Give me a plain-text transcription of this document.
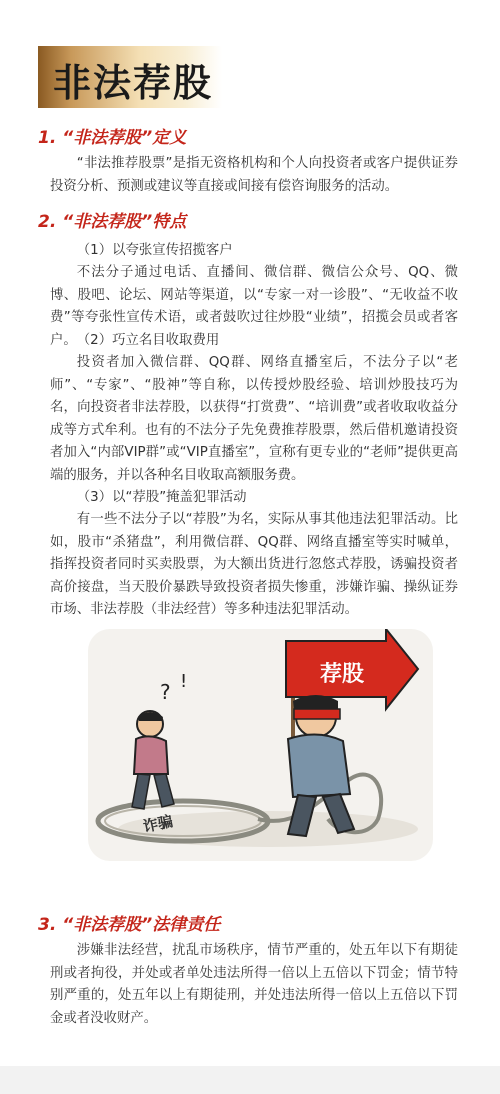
非法荐股
1. “非法荐股”定义

“非法推荐股票”是指无资格机构和个人向投资者或客户提供证券投资分析、预测或建议等直接或间接有偿咨询服务的活动。

2. “非法荐股”特点

（1）以夸张宣传招揽客户

不法分子通过电话、直播间、微信群、微信公众号、QQ、微博、股吧、论坛、网站等渠道，以“专家一对一诊股”、“无收益不收费”等夸张性宣传术语，或者鼓吹过往炒股“业绩”，招揽会员或者客户。 （2）巧立名目收取费用

投资者加入微信群、QQ群、网络直播室后，不法分子以“老师”、“专家”、“股神”等自称，以传授炒股经验、培训炒股技巧为名，向投资者非法荐股，以获得“打赏费”、“培训费”或者收取收益分成等方式牟利。也有的不法分子先免费推荐股票，然后借机邀请投资者加入“内部VIP群”或“VIP直播室”，宣称有更专业的“老师”提供更高端的服务，并以各种名目收取高额服务费。

（3）以“荐股”掩盖犯罪活动

有一些不法分子以“荐股”为名，实际从事其他违法犯罪活动。比如，股市“杀猪盘”，利用微信群、QQ群、网络直播室等实时喊单，指挥投资者同时买卖股票，为大额出货进行忽悠式荐股，诱骗投资者高价接盘，当天股价暴跌导致投资者损失惨重，涉嫌诈骗、操纵证券市场、非法荐股（非法经营）等多种违法犯罪活动。

诈骗
荐股
? !
3. “非法荐股”法律责任

涉嫌非法经营，扰乱市场秩序，情节严重的，处五年以下有期徒刑或者拘役，并处或者单处违法所得一倍以上五倍以下罚金；情节特别严重的，处五年以上有期徒刑，并处违法所得一倍以上五倍以下罚金或者没收财产。
